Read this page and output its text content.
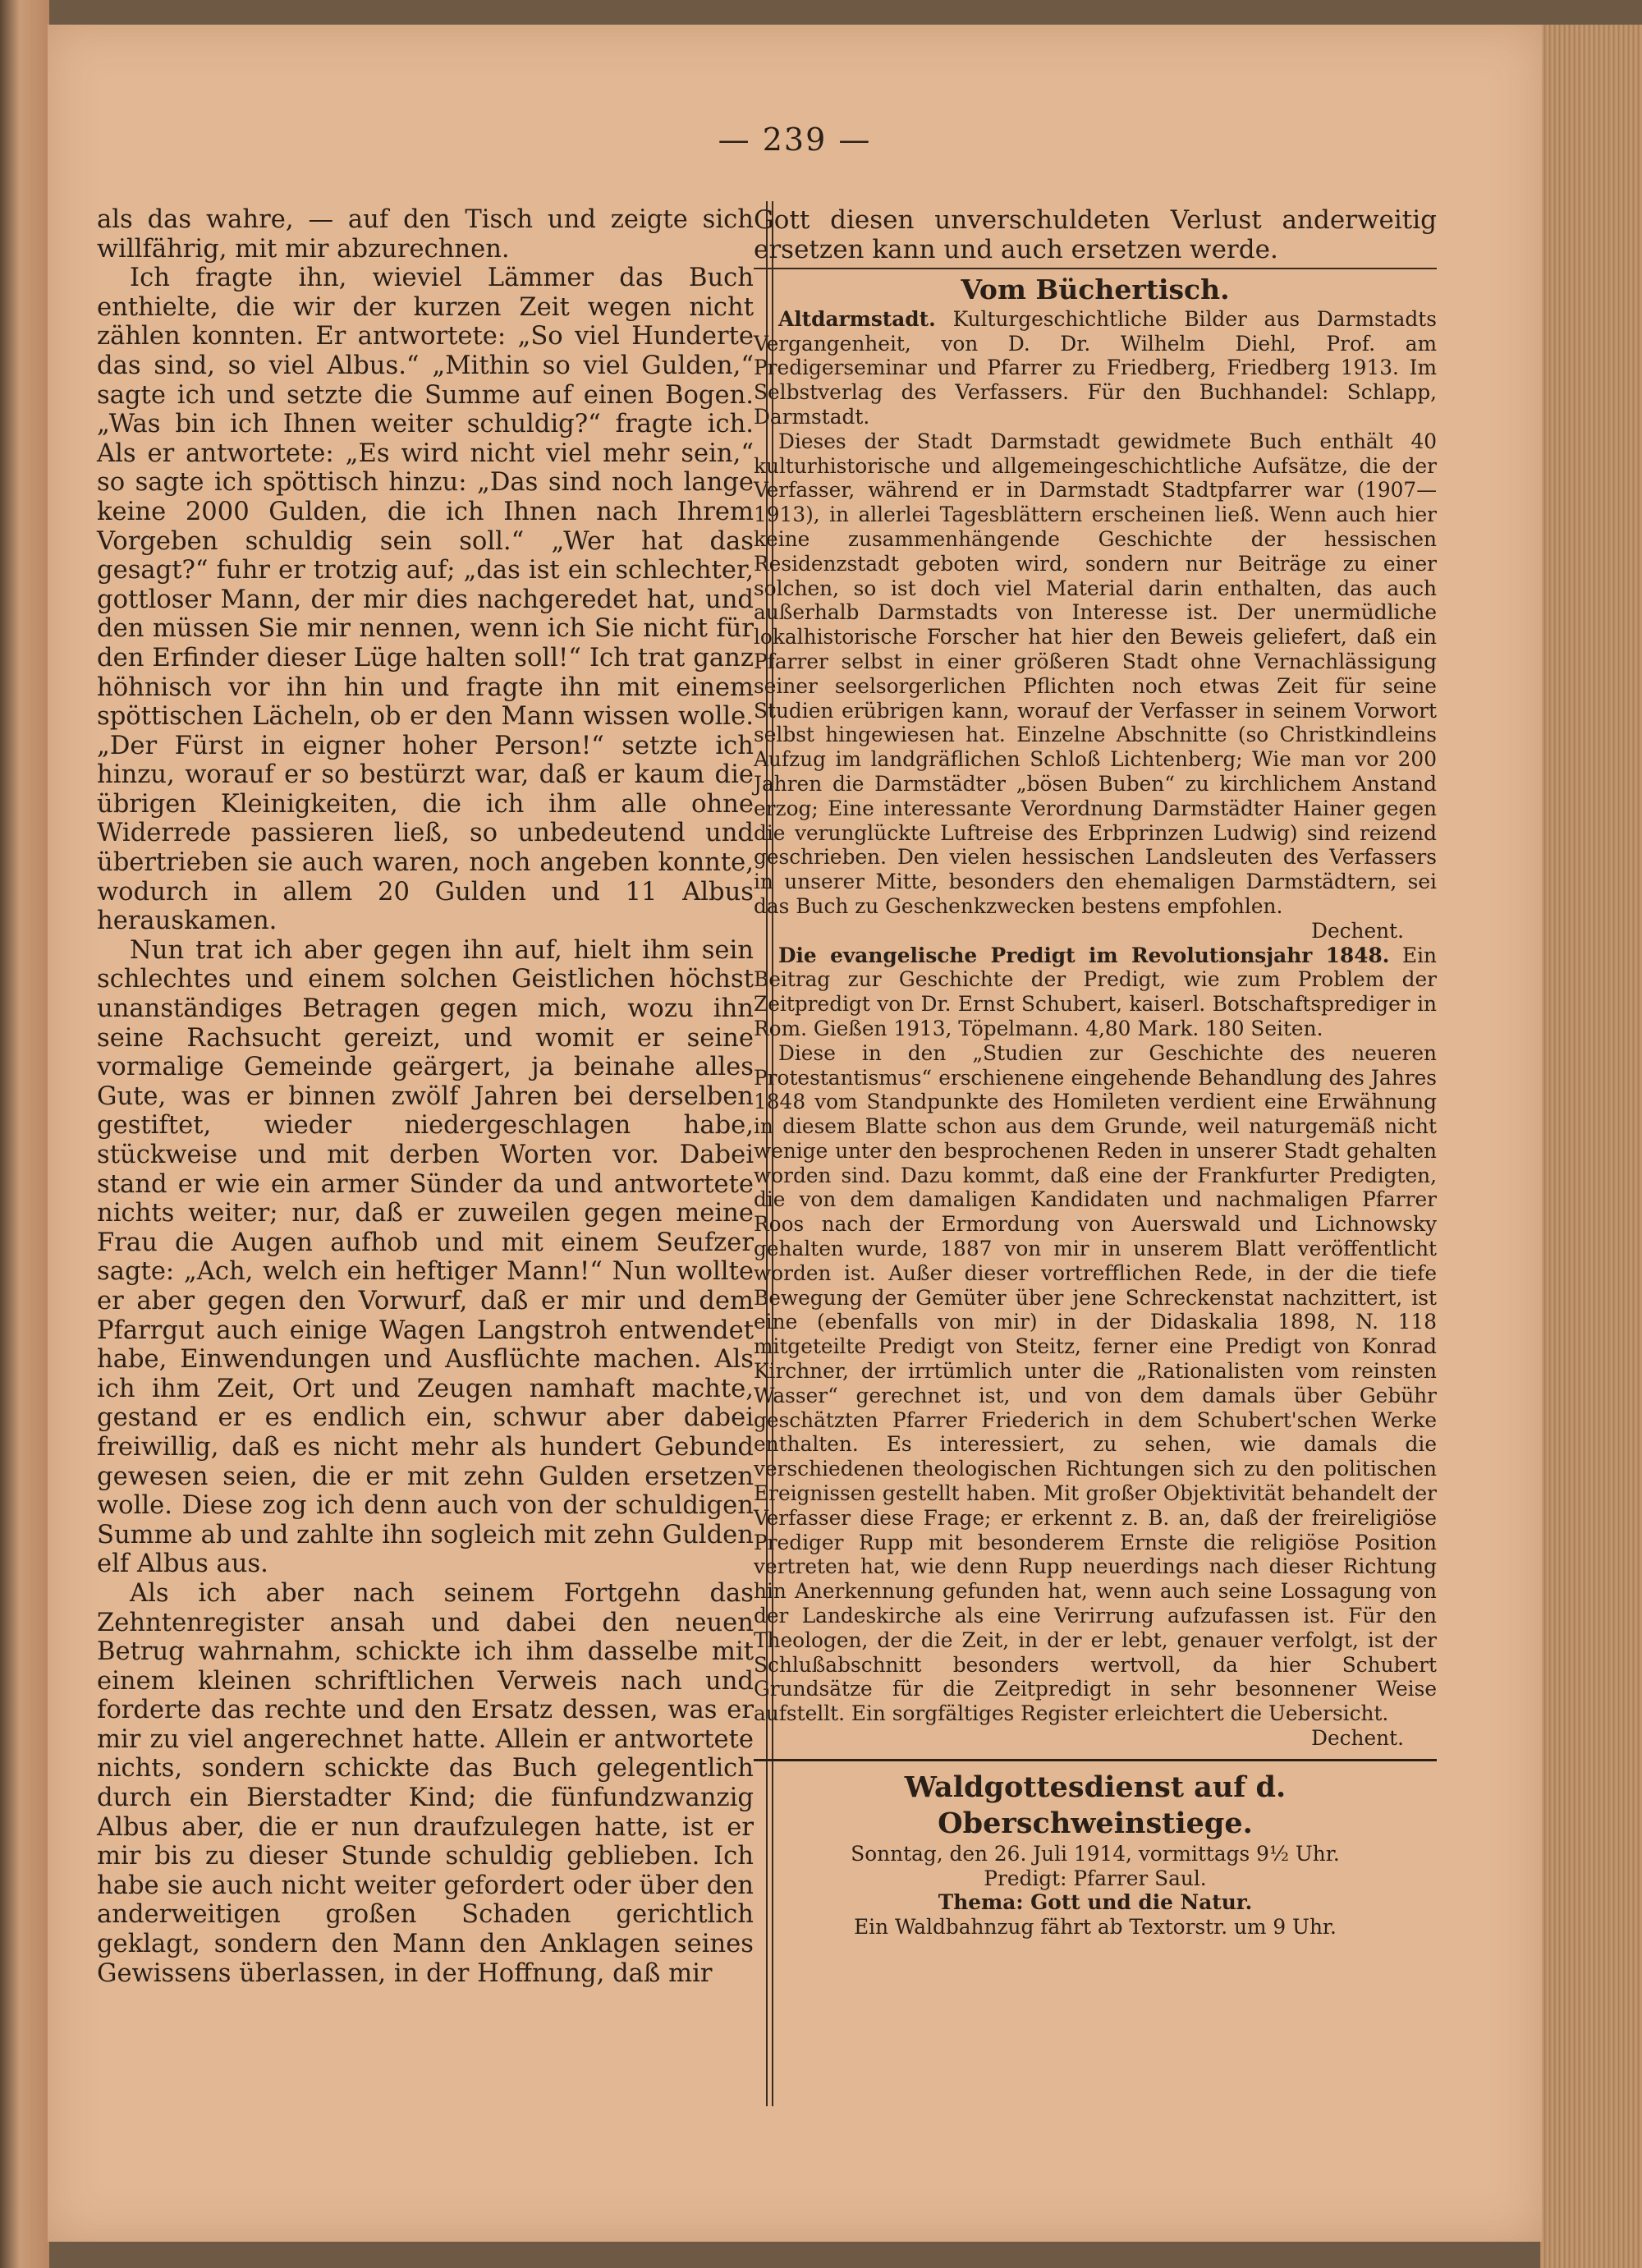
— 239 —

als das wahre, — auf den Tisch und zeigte sich willfährig, mit mir abzurechnen.

Ich fragte ihn, wieviel Lämmer das Buch enthielte, die wir der kurzen Zeit wegen nicht zählen konnten. Er antwortete: „So viel Hunderte das sind, so viel Albus.“ „Mithin so viel Gulden,“ sagte ich und setzte die Summe auf einen Bogen. „Was bin ich Ihnen weiter schuldig?“ fragte ich. Als er antwortete: „Es wird nicht viel mehr sein,“ so sagte ich spöttisch hinzu: „Das sind noch lange keine 2000 Gulden, die ich Ihnen nach Ihrem Vorgeben schuldig sein soll.“ „Wer hat das gesagt?“ fuhr er trotzig auf; „das ist ein schlechter, gottloser Mann, der mir dies nachgeredet hat, und den müssen Sie mir nennen, wenn ich Sie nicht für den Erfinder dieser Lüge halten soll!“ Ich trat ganz höhnisch vor ihn hin und fragte ihn mit einem spöttischen Lächeln, ob er den Mann wissen wolle. „Der Fürst in eigner hoher Person!“ setzte ich hinzu, worauf er so bestürzt war, daß er kaum die übrigen Kleinigkeiten, die ich ihm alle ohne Widerrede passieren ließ, so unbedeutend und übertrieben sie auch waren, noch angeben konnte, wodurch in allem 20 Gulden und 11 Albus herauskamen.

Nun trat ich aber gegen ihn auf, hielt ihm sein schlechtes und einem solchen Geistlichen höchst unanständiges Betragen gegen mich, wozu ihn seine Rachsucht gereizt, und womit er seine vormalige Gemeinde geärgert, ja beinahe alles Gute, was er binnen zwölf Jahren bei derselben gestiftet, wieder niedergeschlagen habe, stückweise und mit derben Worten vor. Dabei stand er wie ein armer Sünder da und antwortete nichts weiter; nur, daß er zuweilen gegen meine Frau die Augen aufhob und mit einem Seufzer sagte: „Ach, welch ein heftiger Mann!“ Nun wollte er aber gegen den Vorwurf, daß er mir und dem Pfarrgut auch einige Wagen Langstroh entwendet habe, Einwendungen und Ausflüchte machen. Als ich ihm Zeit, Ort und Zeugen namhaft machte, gestand er es endlich ein, schwur aber dabei freiwillig, daß es nicht mehr als hundert Gebund gewesen seien, die er mit zehn Gulden ersetzen wolle. Diese zog ich denn auch von der schuldigen Summe ab und zahlte ihn sogleich mit zehn Gulden elf Albus aus.

Als ich aber nach seinem Fortgehn das Zehntenregister ansah und dabei den neuen Betrug wahrnahm, schickte ich ihm dasselbe mit einem kleinen schriftlichen Verweis nach und forderte das rechte und den Ersatz dessen, was er mir zu viel angerechnet hatte. Allein er antwortete nichts, sondern schickte das Buch gelegentlich durch ein Bierstadter Kind; die fünfundzwanzig Albus aber, die er nun draufzulegen hatte, ist er mir bis zu dieser Stunde schuldig geblieben. Ich habe sie auch nicht weiter gefordert oder über den anderweitigen großen Schaden gerichtlich geklagt, sondern den Mann den Anklagen seines Gewissens überlassen, in der Hoffnung, daß mir

Gott diesen unverschuldeten Verlust anderweitig ersetzen kann und auch ersetzen werde.

Vom Büchertisch.

Altdarmstadt. Kulturgeschichtliche Bilder aus Darmstadts Vergangenheit, von D. Dr. Wilhelm Diehl, Prof. am Predigerseminar und Pfarrer zu Friedberg, Friedberg 1913. Im Selbstverlag des Verfassers. Für den Buchhandel: Schlapp, Darmstadt.

Dieses der Stadt Darmstadt gewidmete Buch enthält 40 kulturhistorische und allgemeingeschichtliche Aufsätze, die der Verfasser, während er in Darmstadt Stadtpfarrer war (1907—1913), in allerlei Tagesblättern erscheinen ließ. Wenn auch hier keine zusammenhängende Geschichte der hessischen Residenzstadt geboten wird, sondern nur Beiträge zu einer solchen, so ist doch viel Material darin enthalten, das auch außerhalb Darmstadts von Interesse ist. Der unermüdliche lokalhistorische Forscher hat hier den Beweis geliefert, daß ein Pfarrer selbst in einer größeren Stadt ohne Vernachlässigung seiner seelsorgerlichen Pflichten noch etwas Zeit für seine Studien erübrigen kann, worauf der Verfasser in seinem Vorwort selbst hingewiesen hat. Einzelne Abschnitte (so Christkindleins Aufzug im landgräflichen Schloß Lichtenberg; Wie man vor 200 Jahren die Darmstädter „bösen Buben“ zu kirchlichem Anstand erzog; Eine interessante Verordnung Darmstädter Hainer gegen die verunglückte Luftreise des Erbprinzen Ludwig) sind reizend geschrieben. Den vielen hessischen Landsleuten des Verfassers in unserer Mitte, besonders den ehemaligen Darmstädtern, sei das Buch zu Geschenkzwecken bestens empfohlen.

Dechent.

Die evangelische Predigt im Revolutionsjahr 1848. Ein Beitrag zur Geschichte der Predigt, wie zum Problem der Zeitpredigt von Dr. Ernst Schubert, kaiserl. Botschaftsprediger in Rom. Gießen 1913, Töpelmann. 4,80 Mark. 180 Seiten.

Diese in den „Studien zur Geschichte des neueren Protestantismus“ erschienene eingehende Behandlung des Jahres 1848 vom Standpunkte des Homileten verdient eine Erwähnung in diesem Blatte schon aus dem Grunde, weil naturgemäß nicht wenige unter den besprochenen Reden in unserer Stadt gehalten worden sind. Dazu kommt, daß eine der Frankfurter Predigten, die von dem damaligen Kandidaten und nachmaligen Pfarrer Roos nach der Ermordung von Auerswald und Lichnowsky gehalten wurde, 1887 von mir in unserem Blatt veröffentlicht worden ist. Außer dieser vortrefflichen Rede, in der die tiefe Bewegung der Gemüter über jene Schreckenstat nachzittert, ist eine (ebenfalls von mir) in der Didaskalia 1898, N. 118 mitgeteilte Predigt von Steitz, ferner eine Predigt von Konrad Kirchner, der irrtümlich unter die „Rationalisten vom reinsten Wasser“ gerechnet ist, und von dem damals über Gebühr geschätzten Pfarrer Friederich in dem Schubert'schen Werke enthalten. Es interessiert, zu sehen, wie damals die verschiedenen theologischen Richtungen sich zu den politischen Ereignissen gestellt haben. Mit großer Objektivität behandelt der Verfasser diese Frage; er erkennt z. B. an, daß der freireligiöse Prediger Rupp mit besonderem Ernste die religiöse Position vertreten hat, wie denn Rupp neuerdings nach dieser Richtung hin Anerkennung gefunden hat, wenn auch seine Lossagung von der Landeskirche als eine Verirrung aufzufassen ist. Für den Theologen, der die Zeit, in der er lebt, genauer verfolgt, ist der Schlußabschnitt besonders wertvoll, da hier Schubert Grundsätze für die Zeitpredigt in sehr besonnener Weise aufstellt. Ein sorgfältiges Register erleichtert die Uebersicht.

Dechent.

Waldgottesdienst auf d. Oberschweinstiege.
Sonntag, den 26. Juli 1914, vormittags 9½ Uhr.
Predigt: Pfarrer Saul.
Thema: Gott und die Natur.
Ein Waldbahnzug fährt ab Textorstr. um 9 Uhr.
